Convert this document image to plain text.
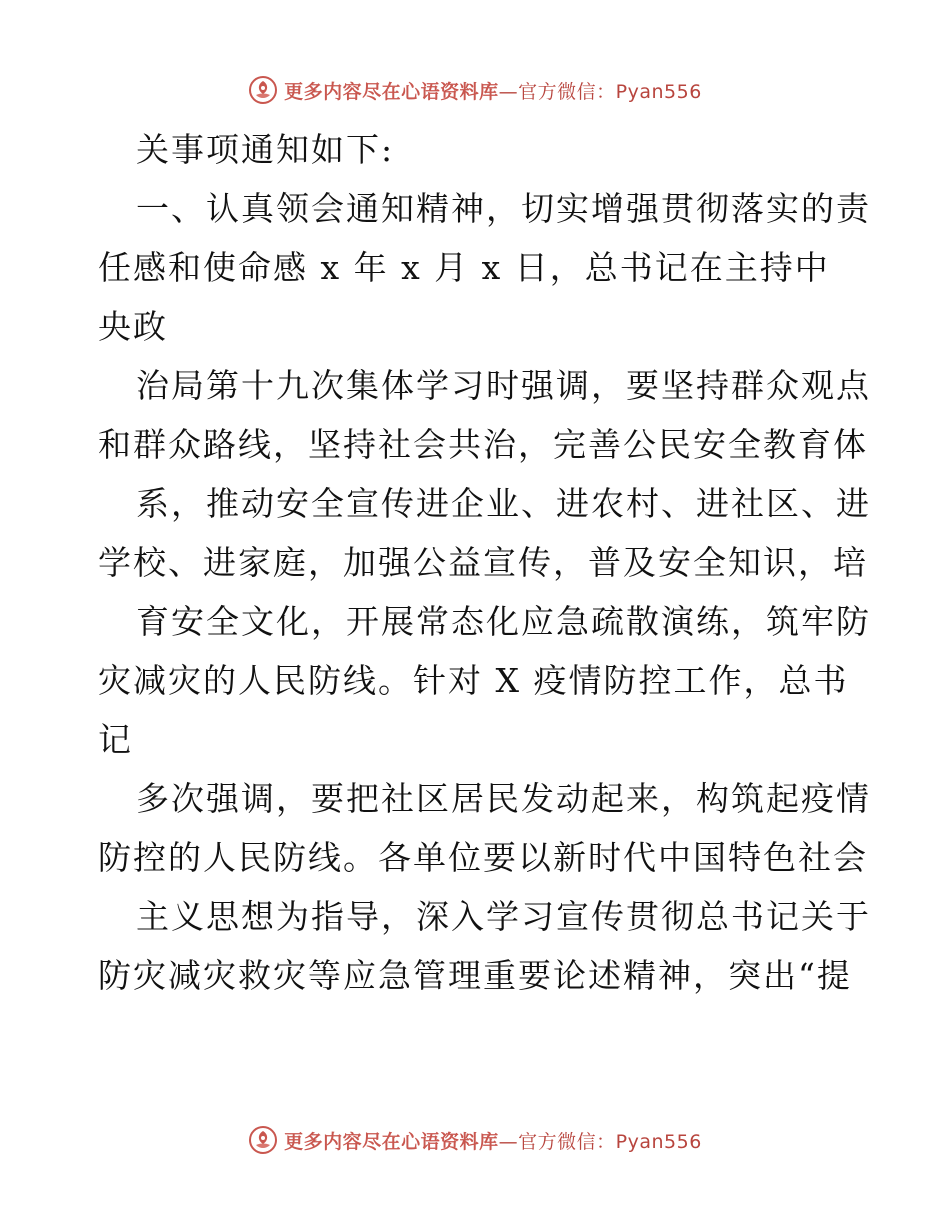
更多内容尽在心语资料库—官方微信：Pyan556
关事项通知如下:
一、认真领会通知精神，切实增强贯彻落实的责
任感和使命感 x 年 x 月 x 日，总书记在主持中
央政
治局第十九次集体学习时强调，要坚持群众观点
和群众路线，坚持社会共治，完善公民安全教育体
系，推动安全宣传进企业、进农村、进社区、进
学校、进家庭，加强公益宣传，普及安全知识，培
育安全文化，开展常态化应急疏散演练，筑牢防
灾减灾的人民防线。针对 X 疫情防控工作，总书
记
多次强调，要把社区居民发动起来，构筑起疫情
防控的人民防线。各单位要以新时代中国特色社会
主义思想为指导，深入学习宣传贯彻总书记关于
防灾减灾救灾等应急管理重要论述精神，突出“提
更多内容尽在心语资料库—官方微信：Pyan556
